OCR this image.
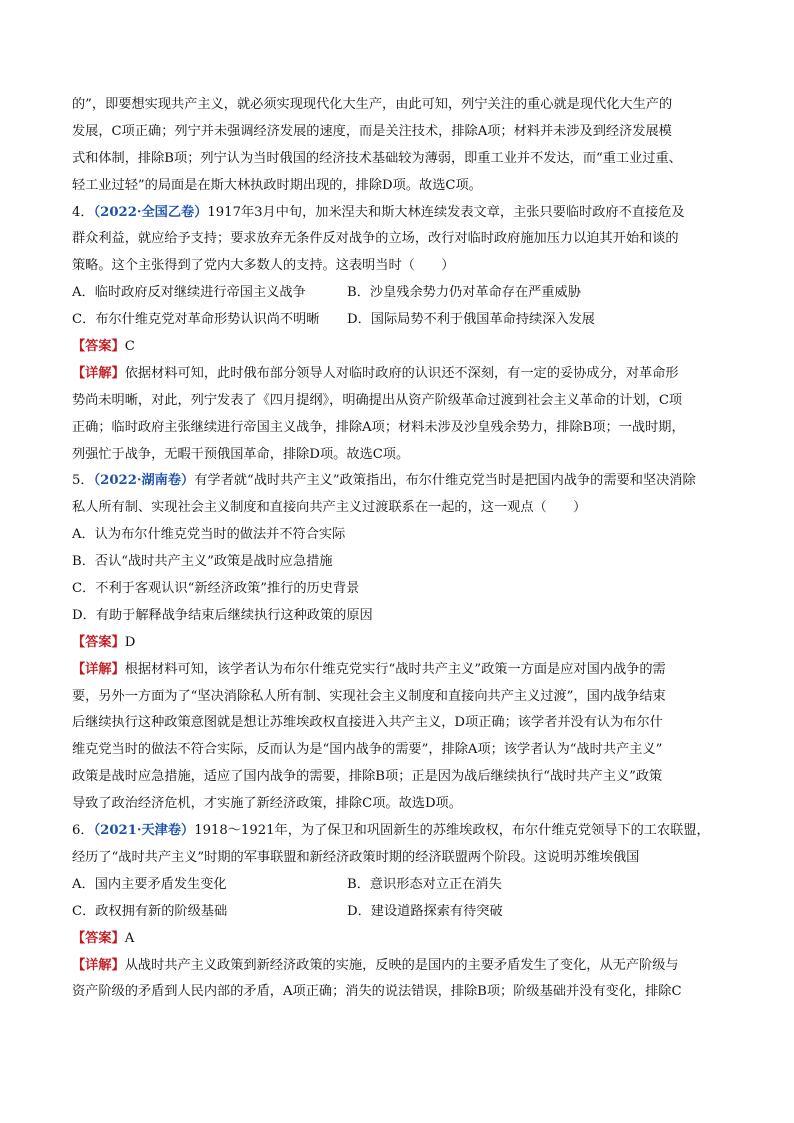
的”，即要想实现共产主义，就必须实现现代化大生产，由此可知，列宁关注的重心就是现代化大生产的
发展，C项正确；列宁并未强调经济发展的速度，而是关注技术，排除A项；材料并未涉及到经济发展模
式和体制，排除B项；列宁认为当时俄国的经济技术基础较为薄弱，即重工业并不发达，而“重工业过重、
轻工业过轻”的局面是在斯大林执政时期出现的，排除D项。故选C项。
4．（2022·全国乙卷）1917年3月中旬，加米涅夫和斯大林连续发表文章，主张只要临时政府不直接危及
群众利益，就应给予支持；要求放弃无条件反对战争的立场，改行对临时政府施加压力以迫其开始和谈的
策略。这个主张得到了党内大多数人的支持。这表明当时（　　）
A．临时政府反对继续进行帝国主义战争	B．沙皇残余势力仍对革命存在严重威胁
C．布尔什维克党对革命形势认识尚不明晰	D．国际局势不利于俄国革命持续深入发展
【答案】C
【详解】依据材料可知，此时俄布部分领导人对临时政府的认识还不深刻，有一定的妥协成分，对革命形
势尚未明晰，对此，列宁发表了《四月提纲》，明确提出从资产阶级革命过渡到社会主义革命的计划，C项
正确；临时政府主张继续进行帝国主义战争，排除A项；材料未涉及沙皇残余势力，排除B项；一战时期，
列强忙于战争，无暇干预俄国革命，排除D项。故选C项。
5．（2022·湖南卷）有学者就“战时共产主义”政策指出，布尔什维克党当时是把国内战争的需要和坚决消除
私人所有制、实现社会主义制度和直接向共产主义过渡联系在一起的，这一观点（　　）
A．认为布尔什维克党当时的做法并不符合实际
B．否认“战时共产主义”政策是战时应急措施
C．不利于客观认识“新经济政策”推行的历史背景
D．有助于解释战争结束后继续执行这种政策的原因
【答案】D
【详解】根据材料可知，该学者认为布尔什维克党实行“战时共产主义”政策一方面是应对国内战争的需
要，另外一方面为了“坚决消除私人所有制、实现社会主义制度和直接向共产主义过渡”，国内战争结束
后继续执行这种政策意图就是想让苏维埃政权直接进入共产主义，D项正确；该学者并没有认为布尔什
维克党当时的做法不符合实际，反而认为是“国内战争的需要”，排除A项；该学者认为“战时共产主义”
政策是战时应急措施，适应了国内战争的需要，排除B项；正是因为战后继续执行“战时共产主义”政策
导致了政治经济危机，才实施了新经济政策，排除C项。故选D项。
6．（2021·天津卷）1918～1921年，为了保卫和巩固新生的苏维埃政权，布尔什维克党领导下的工农联盟，
经历了“战时共产主义”时期的军事联盟和新经济政策时期的经济联盟两个阶段。这说明苏维埃俄国
A．国内主要矛盾发生变化	B．意识形态对立正在消失
C．政权拥有新的阶级基础	D．建设道路探索有待突破
【答案】A
【详解】从战时共产主义政策到新经济政策的实施，反映的是国内的主要矛盾发生了变化，从无产阶级与
资产阶级的矛盾到人民内部的矛盾，A项正确；消失的说法错误，排除B项；阶级基础并没有变化，排除C
